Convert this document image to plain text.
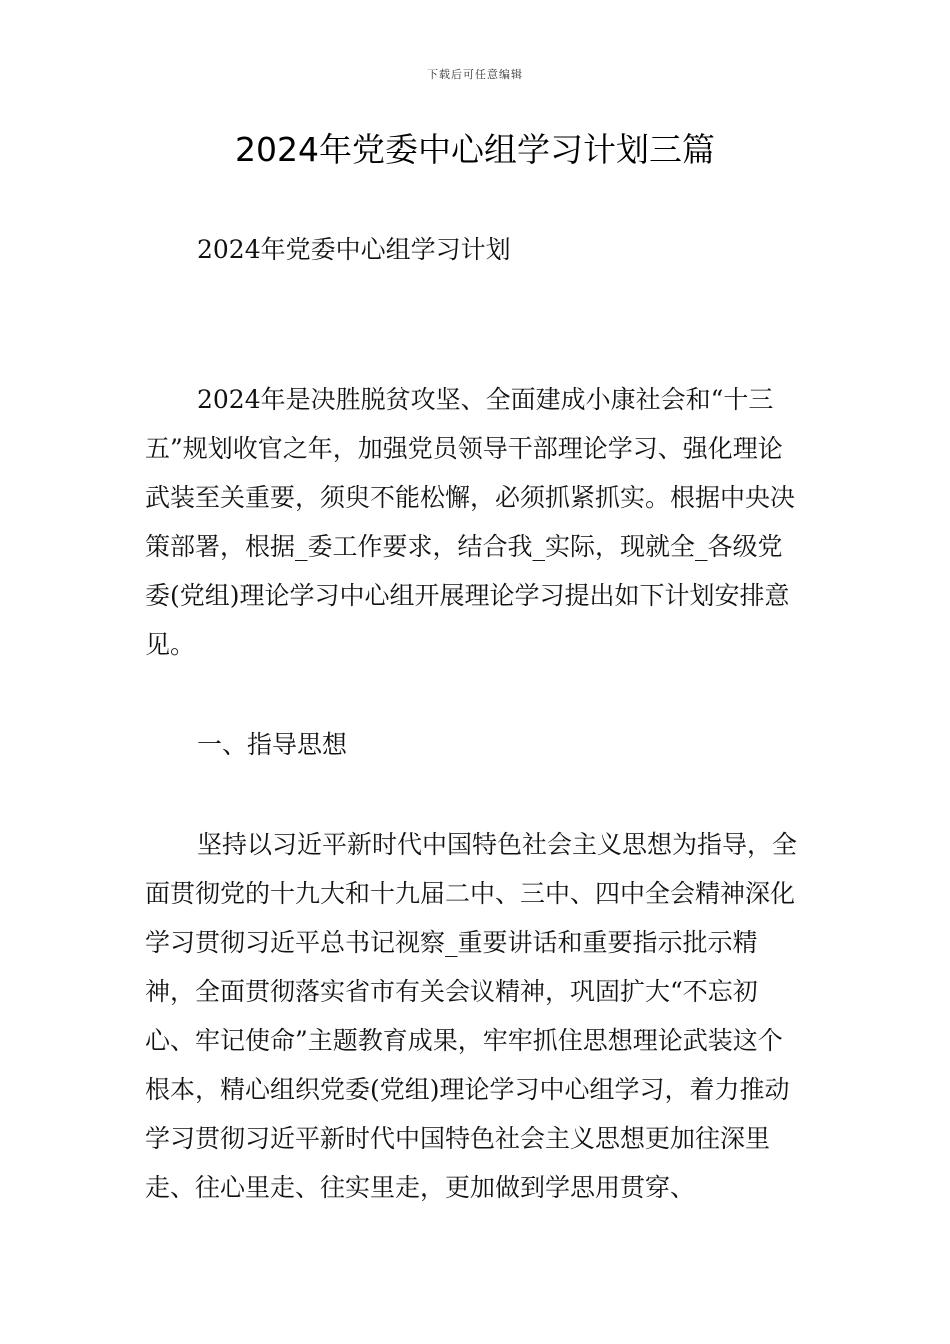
下载后可任意编辑
2024年党委中心组学习计划三篇

2024年党委中心组学习计划

2024年是决胜脱贫攻坚、全面建成小康社会和“十三五”规划收官之年，加强党员领导干部理论学习、强化理论武装至关重要，须臾不能松懈，必须抓紧抓实。根据中央决策部署，根据_委工作要求，结合我_实际，现就全_各级党委(党组)理论学习中心组开展理论学习提出如下计划安排意见。

一、指导思想

坚持以习近平新时代中国特色社会主义思想为指导，全面贯彻党的十九大和十九届二中、三中、四中全会精神深化学习贯彻习近平总书记视察_重要讲话和重要指示批示精神，全面贯彻落实省市有关会议精神，巩固扩大“不忘初心、牢记使命”主题教育成果，牢牢抓住思想理论武装这个根本，精心组织党委(党组)理论学习中心组学习，着力推动学习贯彻习近平新时代中国特色社会主义思想更加往深里走、往心里走、往实里走，更加做到学思用贯穿、
